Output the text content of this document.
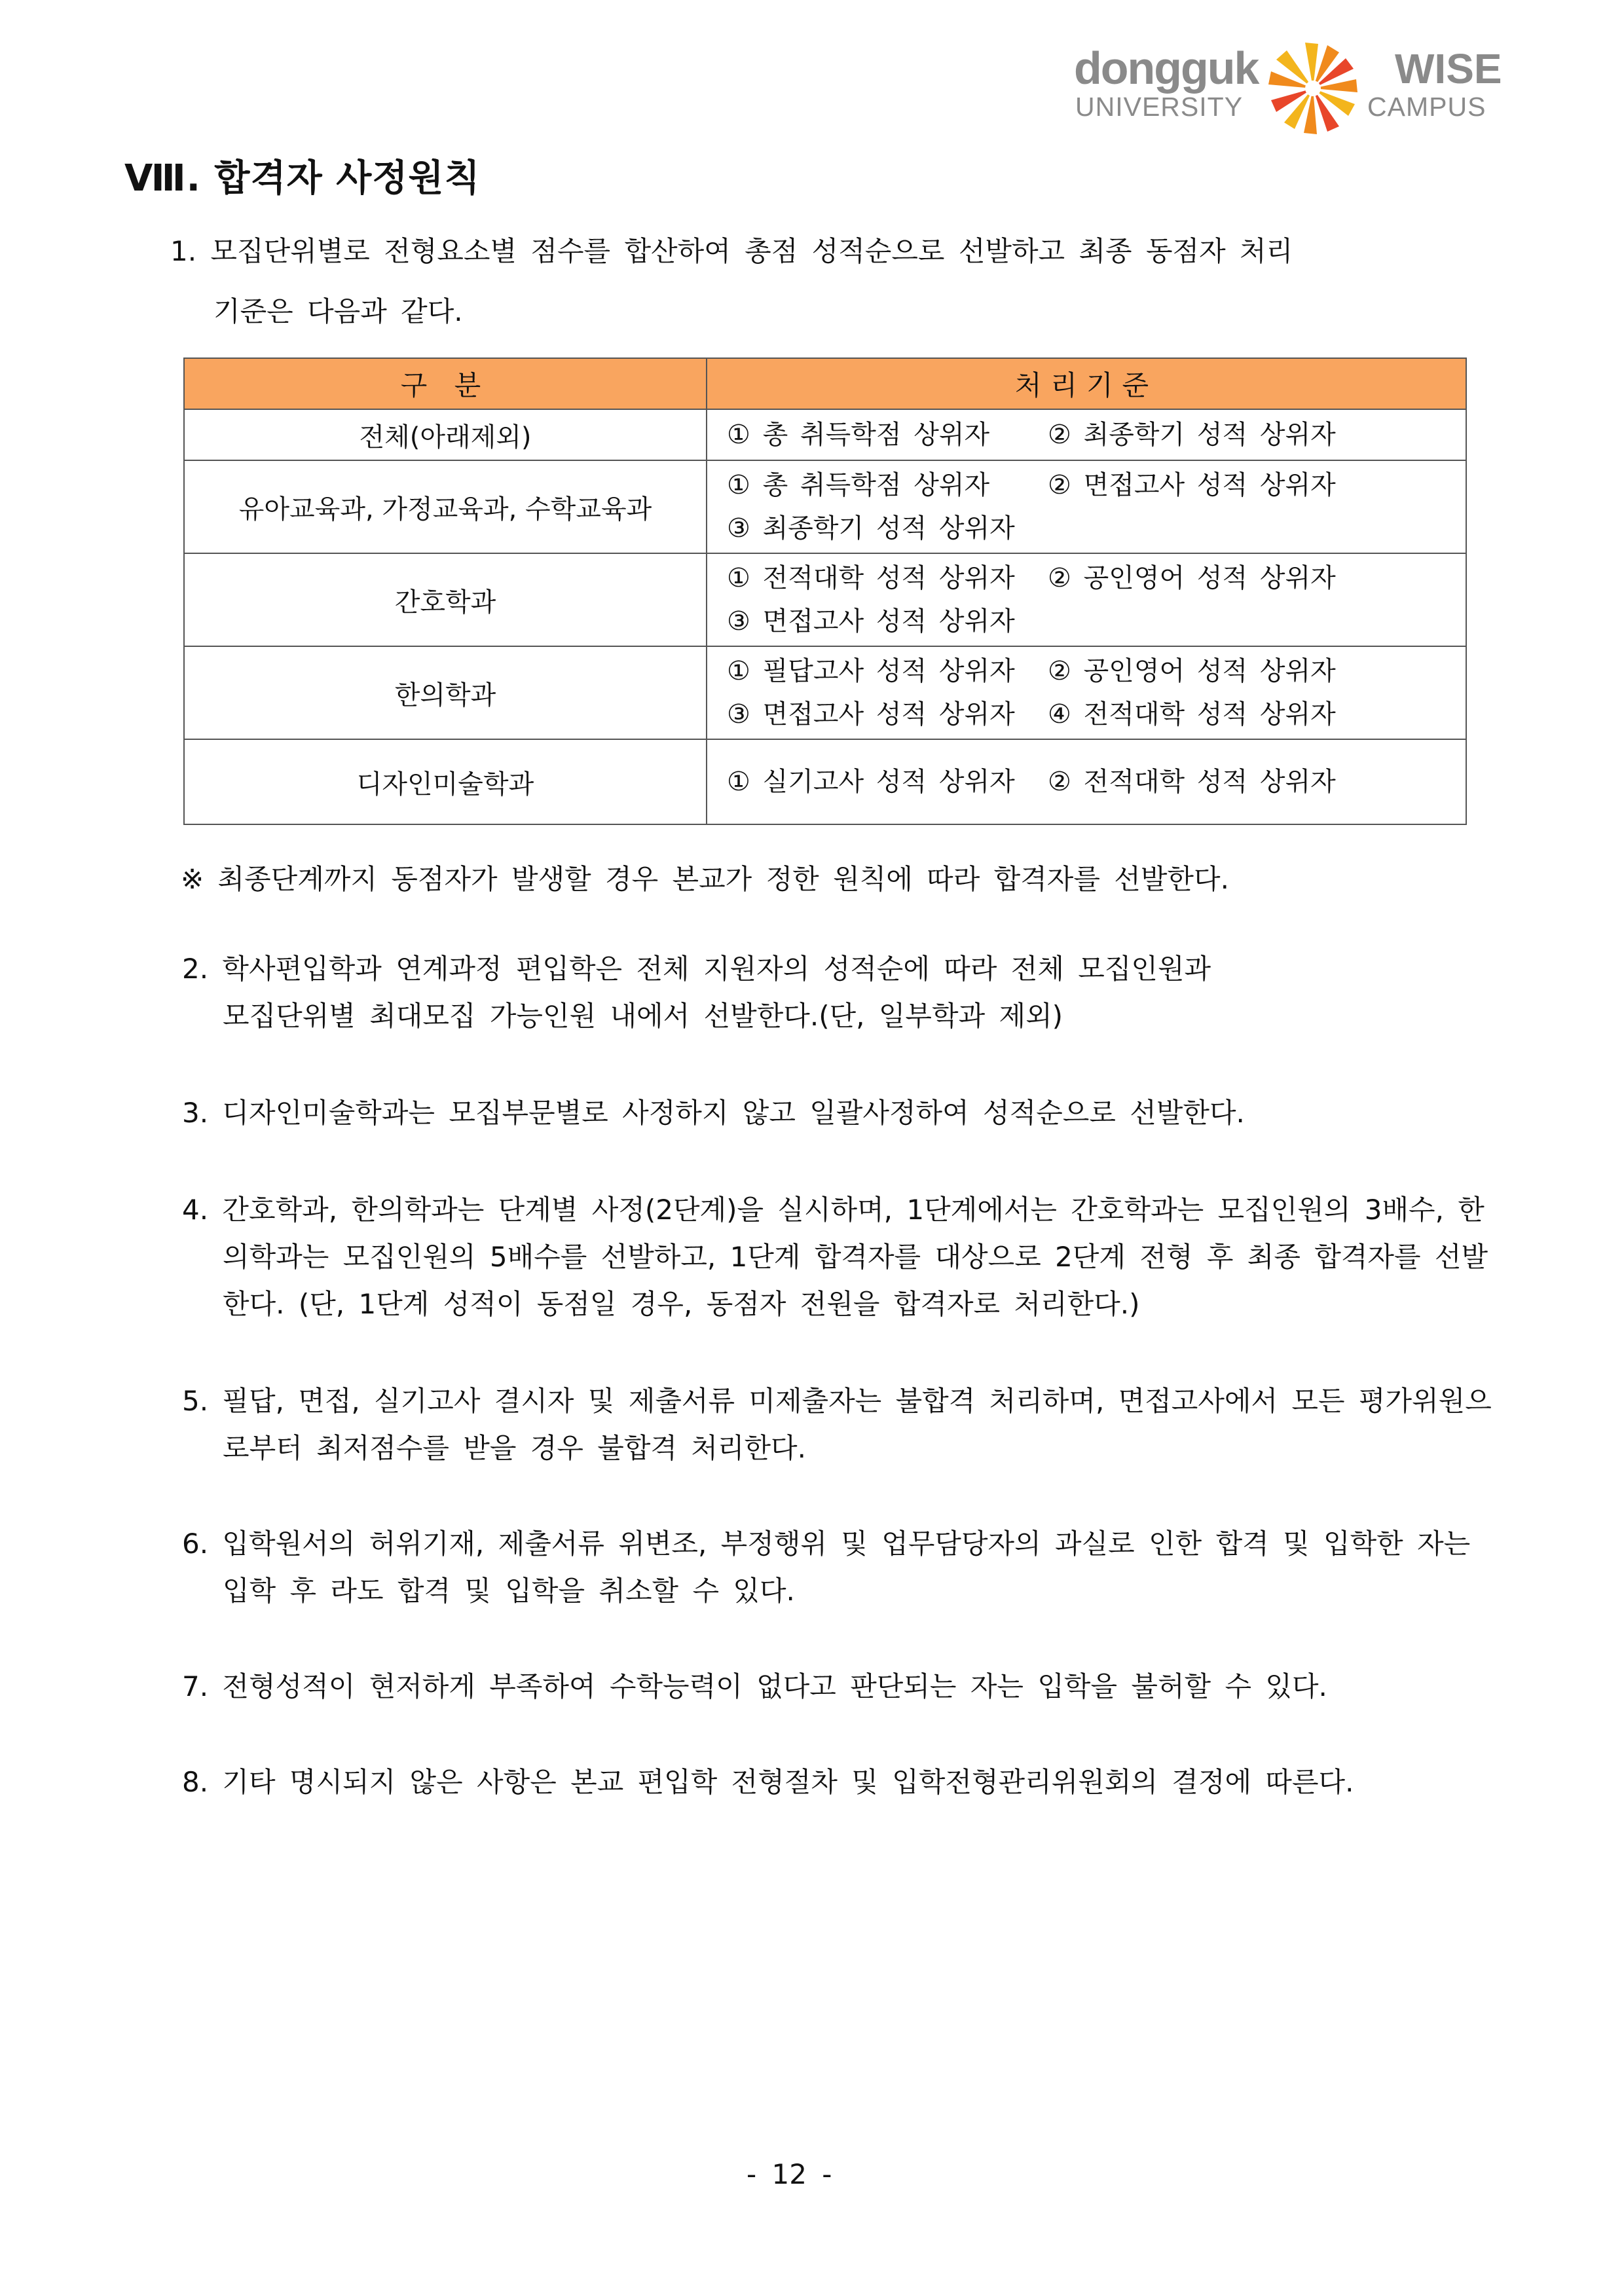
dongguk
UNIVERSITY
WISE
CAMPUS
Ⅷ. 합격자 사정원칙
1. 모집단위별로 전형요소별 점수를 합산하여 총점 성적순으로 선발하고 최종 동점자 처리
기준은 다음과 같다.
구 분	처리기준
전체(아래제외)	① 총 취득학점 상위자 ② 최종학기 성적 상위자
유아교육과, 가정교육과, 수학교육과	① 총 취득학점 상위자 ② 면접고사 성적 상위자
③ 최종학기 성적 상위자
간호학과	① 전적대학 성적 상위자 ② 공인영어 성적 상위자
③ 면접고사 성적 상위자
한의학과	① 필답고사 성적 상위자 ② 공인영어 성적 상위자
③ 면접고사 성적 상위자 ④ 전적대학 성적 상위자
디자인미술학과	① 실기고사 성적 상위자 ② 전적대학 성적 상위자
※ 최종단계까지 동점자가 발생할 경우 본교가 정한 원칙에 따라 합격자를 선발한다.
2. 학사편입학과 연계과정 편입학은 전체 지원자의 성적순에 따라 전체 모집인원과
모집단위별 최대모집 가능인원 내에서 선발한다.(단, 일부학과 제외)
3. 디자인미술학과는 모집부문별로 사정하지 않고 일괄사정하여 성적순으로 선발한다.
4. 간호학과, 한의학과는 단계별 사정(2단계)을 실시하며, 1단계에서는 간호학과는 모집인원의 3배수, 한
의학과는 모집인원의 5배수를 선발하고, 1단계 합격자를 대상으로 2단계 전형 후 최종 합격자를 선발
한다. (단, 1단계 성적이 동점일 경우, 동점자 전원을 합격자로 처리한다.)
5. 필답, 면접, 실기고사 결시자 및 제출서류 미제출자는 불합격 처리하며, 면접고사에서 모든 평가위원으
로부터 최저점수를 받을 경우 불합격 처리한다.
6. 입학원서의 허위기재, 제출서류 위변조, 부정행위 및 업무담당자의 과실로 인한 합격 및 입학한 자는
입학 후 라도 합격 및 입학을 취소할 수 있다.
7. 전형성적이 현저하게 부족하여 수학능력이 없다고 판단되는 자는 입학을 불허할 수 있다.
8. 기타 명시되지 않은 사항은 본교 편입학 전형절차 및 입학전형관리위원회의 결정에 따른다.
- 12 -
